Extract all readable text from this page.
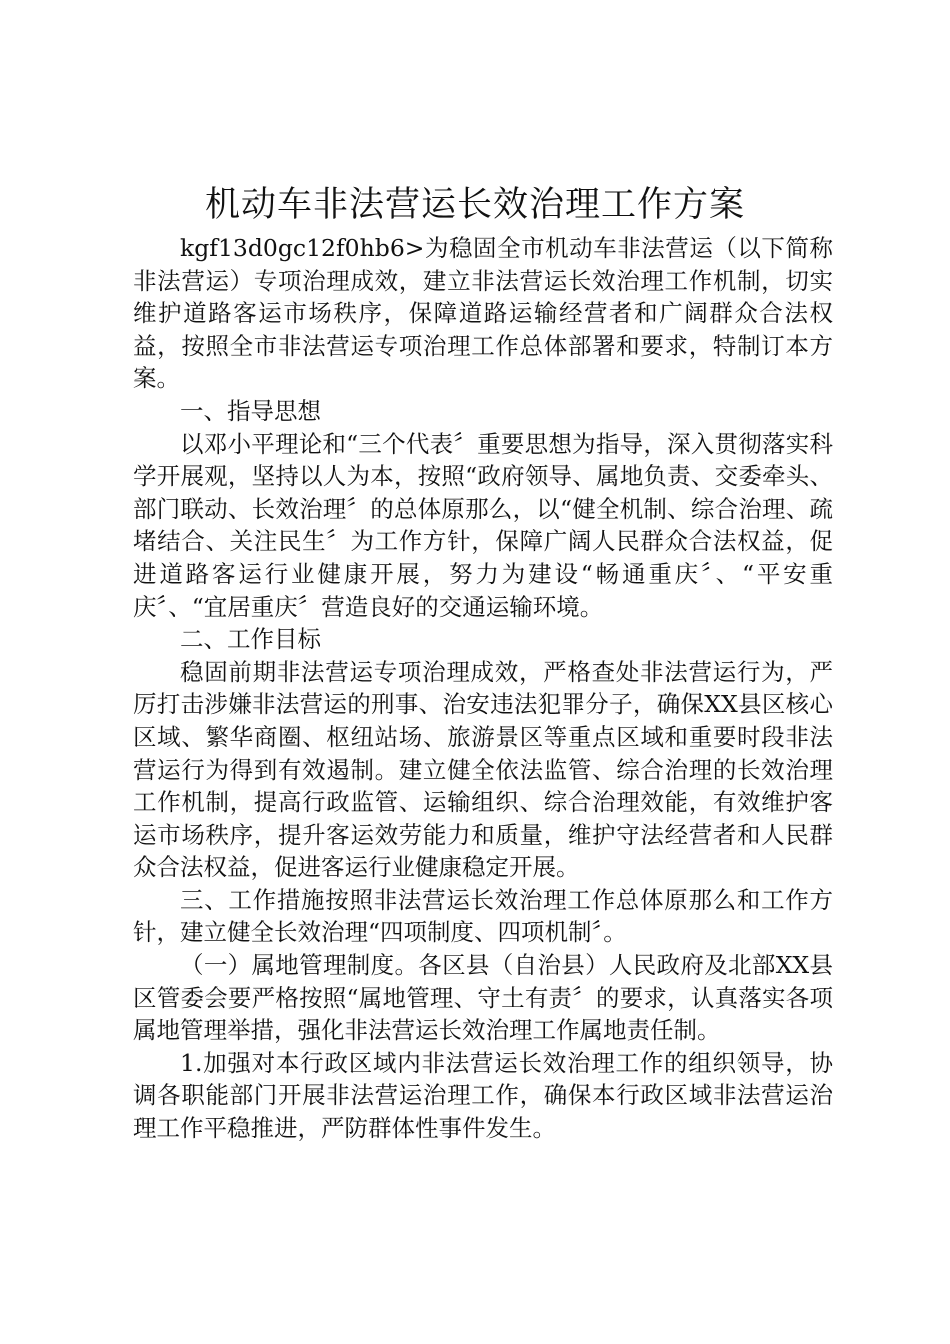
机动车非法营运长效治理工作方案

kgf13d0gc12f0hb6>为稳固全市机动车非法营运（以下简称非法营运）专项治理成效，建立非法营运长效治理工作机制，切实维护道路客运市场秩序，保障道路运输经营者和广阔群众合法权益，按照全市非法营运专项治理工作总体部署和要求，特制订本方案。

一、指导思想

以邓小平理论和“三个代表〞重要思想为指导，深入贯彻落实科学开展观，坚持以人为本，按照“政府领导、属地负责、交委牵头、部门联动、长效治理〞的总体原那么，以“健全机制、综合治理、疏堵结合、关注民生〞为工作方针，保障广阔人民群众合法权益，促进道路客运行业健康开展，努力为建设“畅通重庆〞、“平安重庆〞、“宜居重庆〞营造良好的交通运输环境。

二、工作目标

稳固前期非法营运专项治理成效，严格查处非法营运行为，严厉打击涉嫌非法营运的刑事、治安违法犯罪分子，确保XX县区核心区域、繁华商圈、枢纽站场、旅游景区等重点区域和重要时段非法营运行为得到有效遏制。建立健全依法监管、综合治理的长效治理工作机制，提高行政监管、运输组织、综合治理效能，有效维护客运市场秩序，提升客运效劳能力和质量，维护守法经营者和人民群众合法权益，促进客运行业健康稳定开展。

三、工作措施按照非法营运长效治理工作总体原那么和工作方针，建立健全长效治理“四项制度、四项机制〞。

（一）属地管理制度。各区县（自治县）人民政府及北部XX县区管委会要严格按照“属地管理、守土有责〞的要求，认真落实各项属地管理举措，强化非法营运长效治理工作属地责任制。

1.加强对本行政区域内非法营运长效治理工作的组织领导，协调各职能部门开展非法营运治理工作，确保本行政区域非法营运治理工作平稳推进，严防群体性事件发生。
